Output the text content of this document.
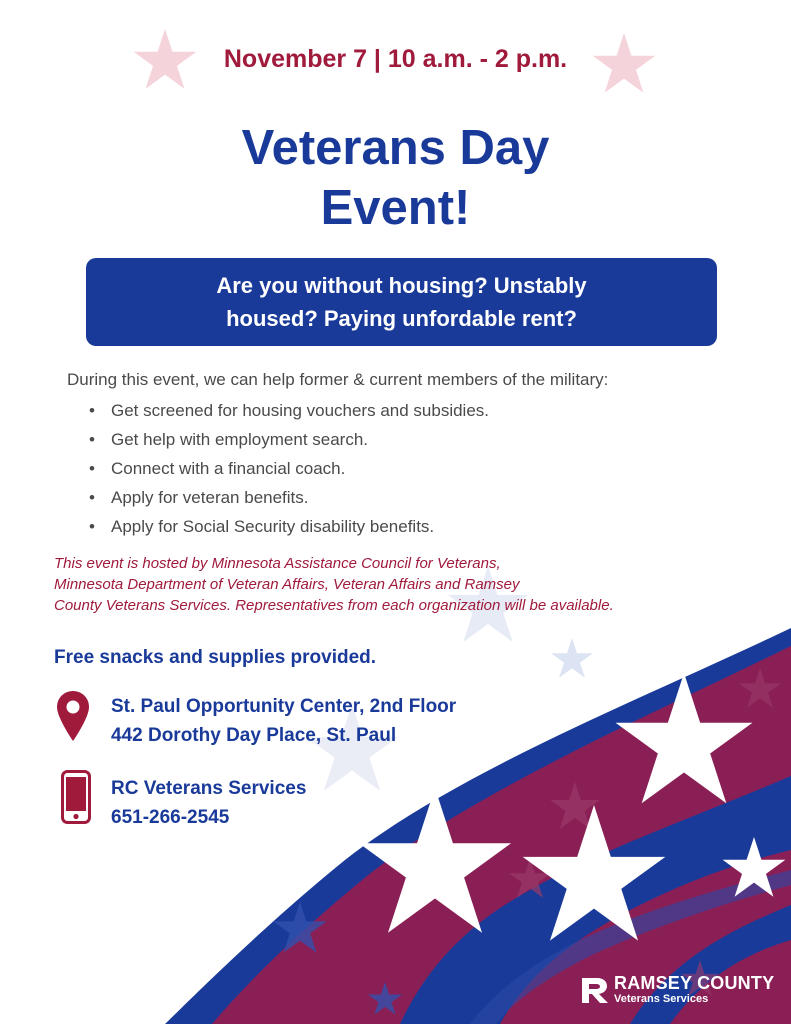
November 7 | 10 a.m. - 2 p.m.
Veterans Day
Event!
Are you without housing? Unstably
housed? Paying unfordable rent?
During this event, we can help former & current members of the military:
• Get screened for housing vouchers and subsidies.
• Get help with employment search.
• Connect with a financial coach.
• Apply for veteran benefits.
• Apply for Social Security disability benefits.
This event is hosted by Minnesota Assistance Council for Veterans,
Minnesota Department of Veteran Affairs, Veteran Affairs and Ramsey
County Veterans Services. Representatives from each organization will be available.
Free snacks and supplies provided.
St. Paul Opportunity Center, 2nd Floor
442 Dorothy Day Place, St. Paul
RC Veterans Services
651-266-2545
RAMSEY COUNTY
Veterans Services
